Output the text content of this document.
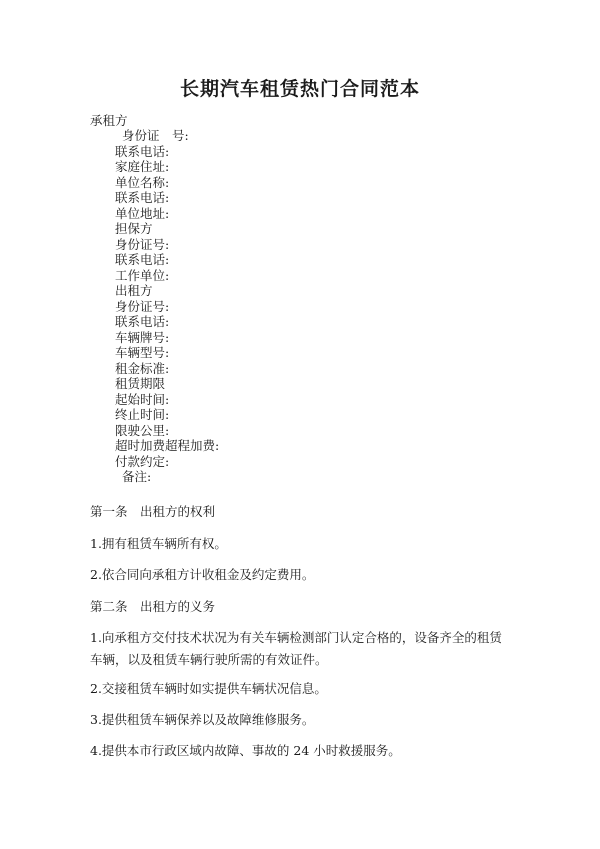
长期汽车租赁热门合同范本
承租方
身份证　号:
联系电话:
家庭住址:
单位名称:
联系电话:
单位地址:
担保方
身份证号:
联系电话:
工作单位:
出租方
身份证号:
联系电话:
车辆牌号:
车辆型号:
租金标准:
租赁期限
起始时间:
终止时间:
限驶公里:
超时加费超程加费:
付款约定:
备注:
第一条　出租方的权利
1.拥有租赁车辆所有权。
2.依合同向承租方计收租金及约定费用。
第二条　出租方的义务
1.向承租方交付技术状况为有关车辆检测部门认定合格的，设备齐全的租赁车辆，以及租赁车辆行驶所需的有效证件。
2.交接租赁车辆时如实提供车辆状况信息。
3.提供租赁车辆保养以及故障维修服务。
4.提供本市行政区域内故障、事故的 24 小时救援服务。
